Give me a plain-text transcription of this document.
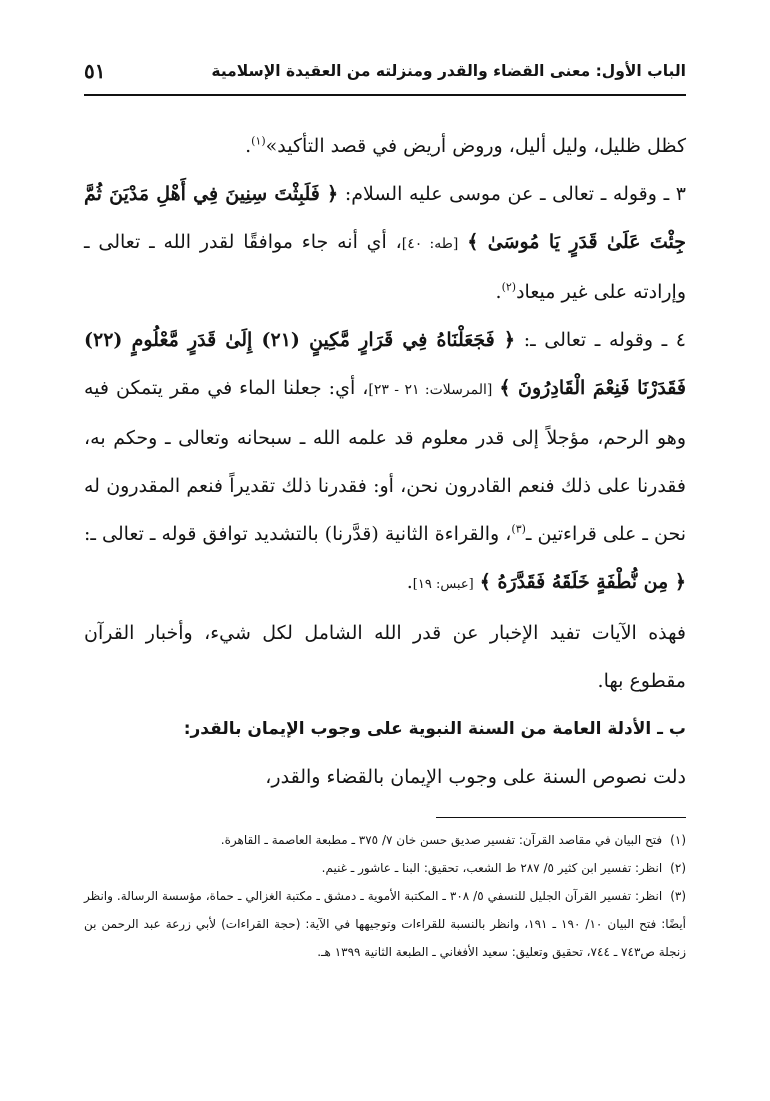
الباب الأول: معنى القضاء والقدر ومنزلته من العقيدة الإسلامية
٥١

كظل ظليل، وليل أليل، وروض أريض في قصد التأكيد»$^{(١)}$.

٣ ـ وقوله ـ تعالى ـ عن موسى عليه السلام: ﴿ فَلَبِثْتَ سِنِينَ فِي أَهْلِ مَدْيَنَ ثُمَّ جِئْتَ عَلَىٰ قَدَرٍ يَا مُوسَىٰ ﴾ [طه: ٤٠]، أي أنه جاء موافقًا لقدر الله ـ تعالى ـ وإرادته على غير ميعاد$^{(٢)}$.

٤ ـ وقوله ـ تعالى ـ: ﴿ فَجَعَلْنَاهُ فِي قَرَارٍ مَّكِينٍ (٢١) إِلَىٰ قَدَرٍ مَّعْلُومٍ (٢٢) فَقَدَرْنَا فَنِعْمَ الْقَادِرُونَ ﴾ [المرسلات: ٢١ - ٢٣]، أي: جعلنا الماء في مقر يتمكن فيه وهو الرحم، مؤجلاً إلى قدر معلوم قد علمه الله ـ سبحانه وتعالى ـ وحكم به، فقدرنا على ذلك فنعم القادرون نحن، أو: فقدرنا ذلك تقديراً فنعم المقدرون له نحن ـ على قراءتين ـ$^{(٣)}$، والقراءة الثانية (قدَّرنا) بالتشديد توافق قوله ـ تعالى ـ: ﴿ مِن نُّطْفَةٍ خَلَقَهُ فَقَدَّرَهُ ﴾ [عبس: ١٩].

فهذه الآيات تفيد الإخبار عن قدر الله الشامل لكل شيء، وأخبار القرآن مقطوع بها.

ب ـ الأدلة العامة من السنة النبوية على وجوب الإيمان بالقدر:

دلت نصوص السنة على وجوب الإيمان بالقضاء والقدر،

(١)فتح البيان في مقاصد القرآن: تفسير صديق حسن خان ٧/ ٣٧٥ ـ مطبعة العاصمة ـ القاهرة.

(٢)انظر: تفسير ابن كثير ٥/ ٢٨٧ ط الشعب، تحقيق: البنا ـ عاشور ـ غنيم.

(٣)انظر: تفسير القرآن الجليل للنسفي ٥/ ٣٠٨ ـ المكتبة الأموية ـ دمشق ـ مكتبة الغزالي ـ حماة، مؤسسة الرسالة. وانظر أيضًا: فتح البيان ١٠/ ١٩٠ ـ ١٩١، وانظر بالنسبة للقراءات وتوجيهها في الآية: (حجة القراءات) لأبي زرعة عبد الرحمن بن زنجلة ص٧٤٣ ـ ٧٤٤، تحقيق وتعليق: سعيد الأفغاني ـ الطبعة الثانية ١٣٩٩ هـ.
